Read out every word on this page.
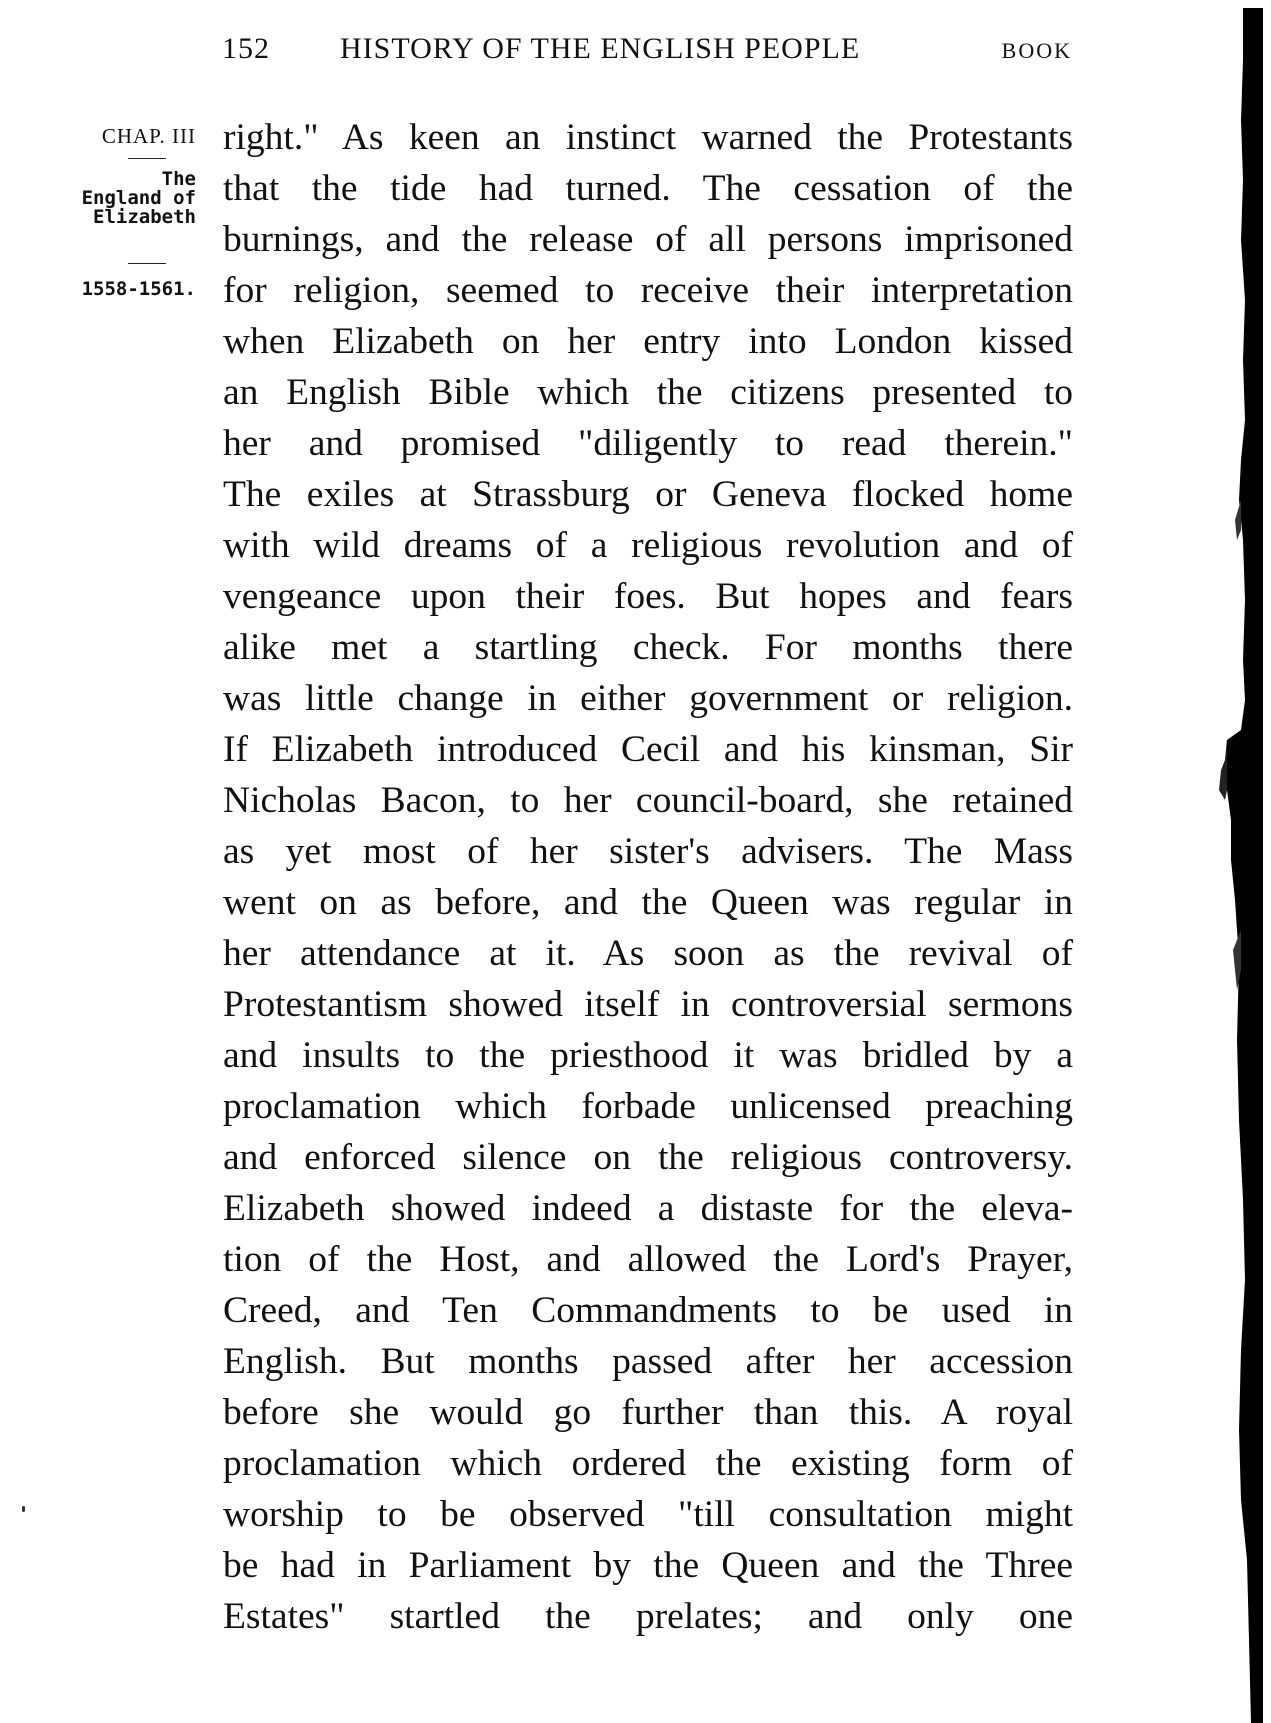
152 HISTORY OF THE ENGLISH PEOPLE	BOOK
CHAP. III
The
England of
Elizabeth
1558-1561.
right." As keen an instinct warned the Protestants
that the tide had turned. The cessation of the
burnings, and the release of all persons imprisoned
for religion, seemed to receive their interpretation
when Elizabeth on her entry into London kissed
an English Bible which the citizens presented to
her and promised "diligently to read therein."
The exiles at Strassburg or Geneva flocked home
with wild dreams of a religious revolution and of
vengeance upon their foes. But hopes and fears
alike met a startling check. For months there
was little change in either government or religion.
If Elizabeth introduced Cecil and his kinsman, Sir
Nicholas Bacon, to her council-board, she retained
as yet most of her sister's advisers. The Mass
went on as before, and the Queen was regular in
her attendance at it. As soon as the revival of
Protestantism showed itself in controversial sermons
and insults to the priesthood it was bridled by a
proclamation which forbade unlicensed preaching
and enforced silence on the religious controversy.
Elizabeth showed indeed a distaste for the eleva-
tion of the Host, and allowed the Lord's Prayer,
Creed, and Ten Commandments to be used in
English. But months passed after her accession
before she would go further than this. A royal
proclamation which ordered the existing form of
worship to be observed "till consultation might
be had in Parliament by the Queen and the Three
Estates" startled the prelates; and only one
